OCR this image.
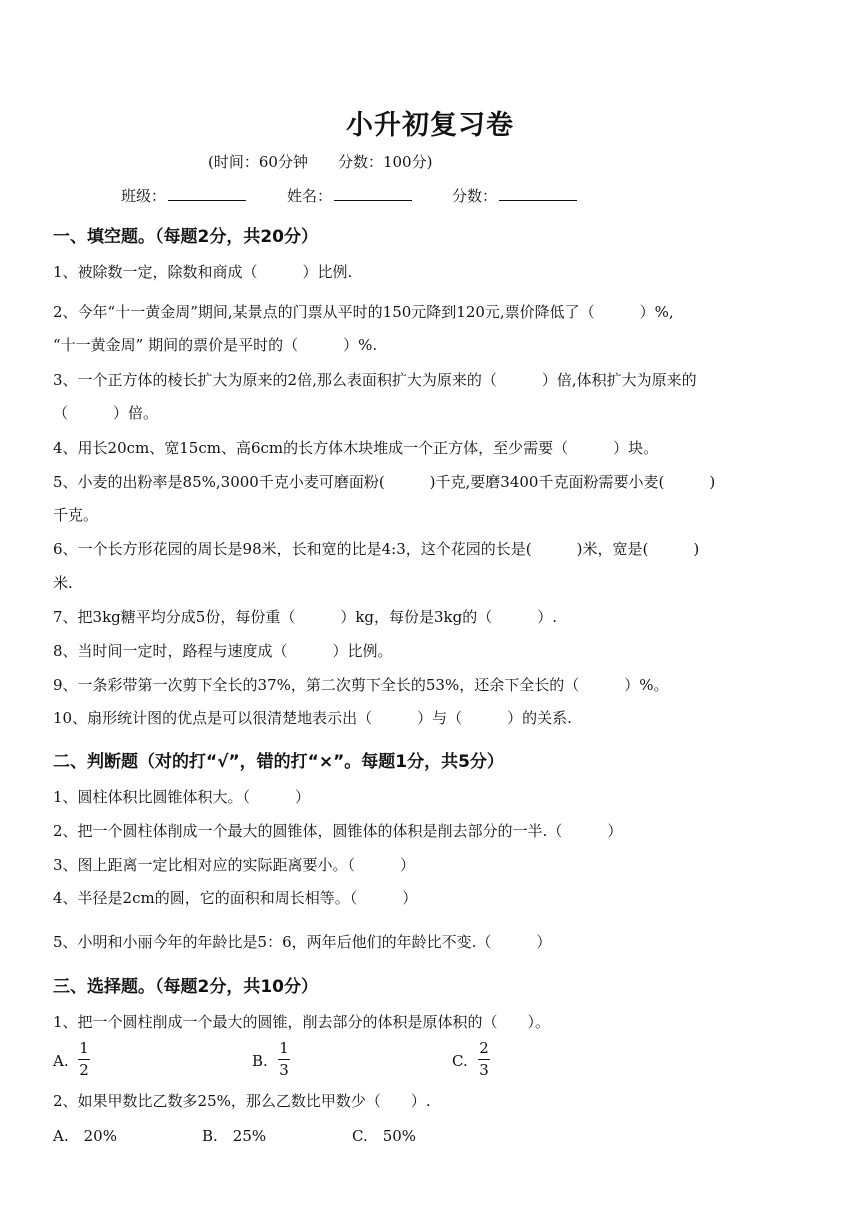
小升初复习卷
(时间：60分钟　　分数：100分)
班级：	姓名：	分数：
一、填空题。（每题2分，共20分）
1、被除数一定，除数和商成（　　　）比例.
2、今年“十一黄金周”期间,某景点的门票从平时的150元降到120元,票价降低了（　　　）%,
“十一黄金周” 期间的票价是平时的（　　　）%.
3、一个正方体的棱长扩大为原来的2倍,那么表面积扩大为原来的（　　　）倍,体积扩大为原来的
（　　　）倍。
4、用长20cm、宽15cm、高6cm的长方体木块堆成一个正方体，至少需要（　　　）块。
5、小麦的出粉率是85%,3000千克小麦可磨面粉(　　　)千克,要磨3400千克面粉需要小麦(　　　)
千克。
6、一个长方形花园的周长是98米，长和宽的比是4:3，这个花园的长是(　　　)米，宽是(　　　)
米.
7、把3kg糖平均分成5份，每份重（　　　）kg，每份是3kg的（　　　）.
8、当时间一定时，路程与速度成（　　　）比例。
9、一条彩带第一次剪下全长的37%，第二次剪下全长的53%，还余下全长的（　　　）%。
10、扇形统计图的优点是可以很清楚地表示出（　　　）与（　　　）的关系.
二、判断题（对的打“√”，错的打“×”。每题1分，共5分）
1、圆柱体积比圆锥体积大。（　　　）
2、把一个圆柱体削成一个最大的圆锥体，圆锥体的体积是削去部分的一半.（　　　）
3、图上距离一定比相对应的实际距离要小。（　　　）
4、半径是2cm的圆，它的面积和周长相等。（　　　）
5、小明和小丽今年的年龄比是5：6，两年后他们的年龄比不变.（　　　）
三、选择题。（每题2分，共10分）
1、把一个圆柱削成一个最大的圆锥，削去部分的体积是原体积的（　　）。
A.
1
2	B.
1
3	C.
2
3
2、如果甲数比乙数多25%，那么乙数比甲数少（　　）.
A.　20%	B.　25%	C.　50%
